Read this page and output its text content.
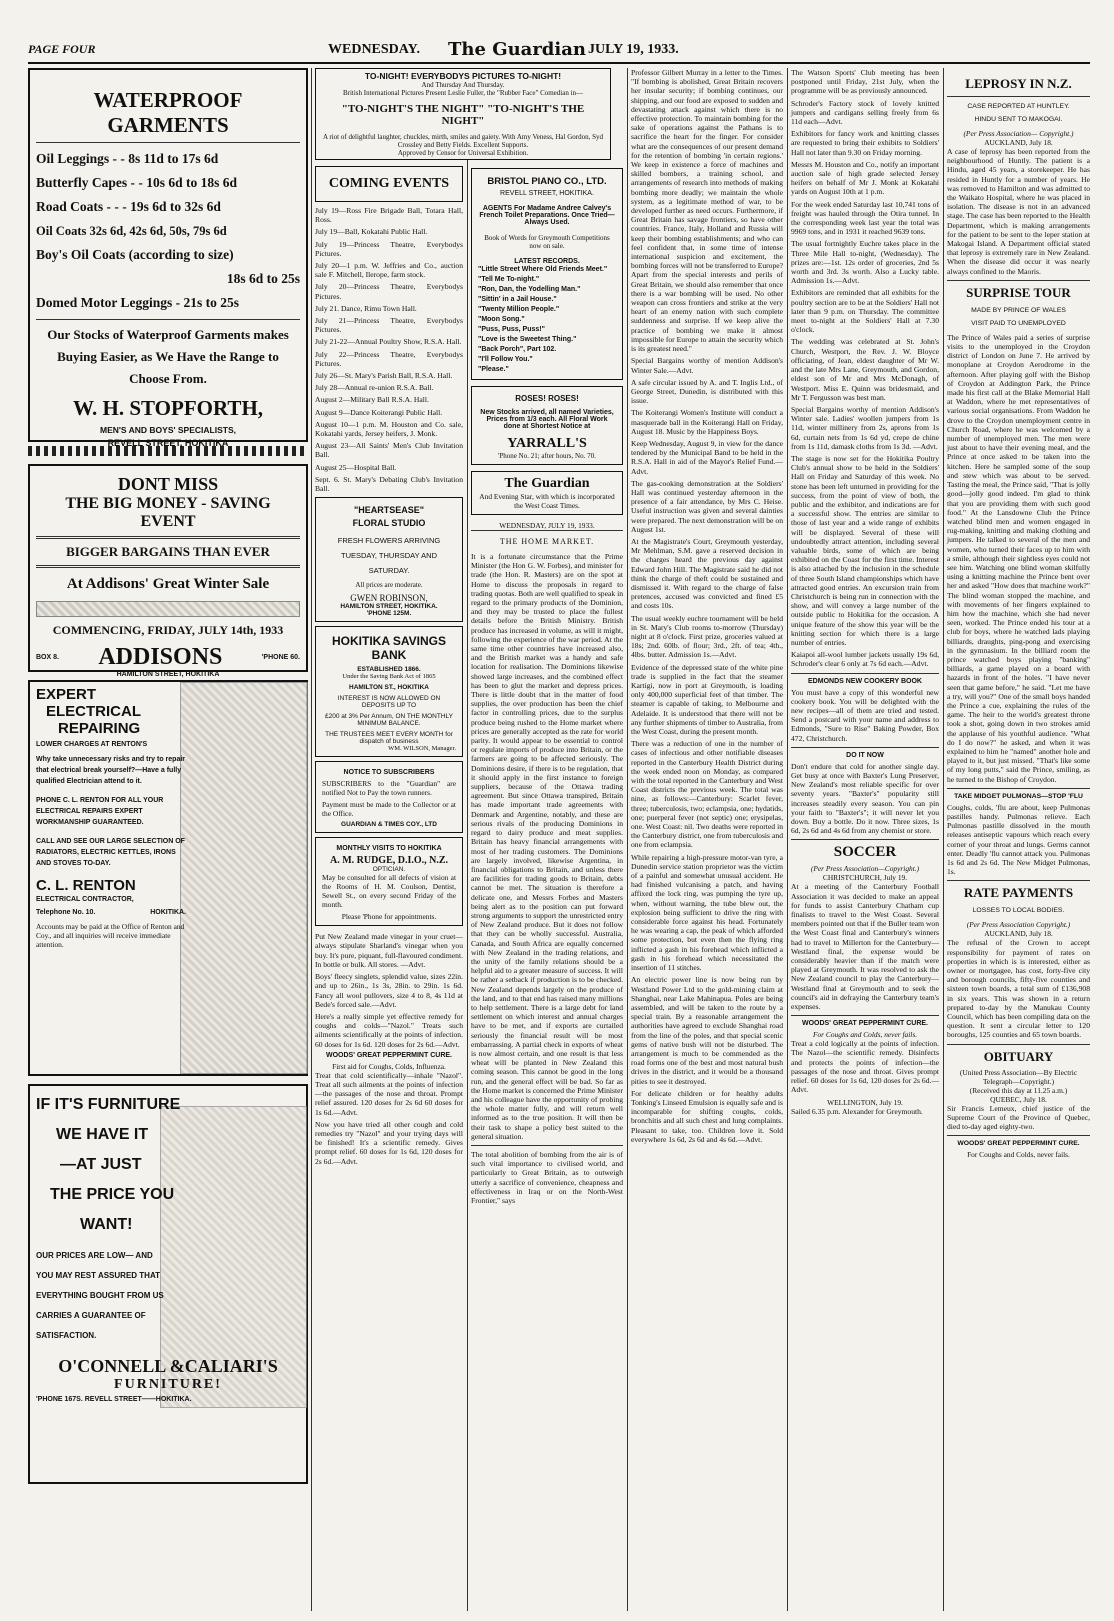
PAGE FOUR	WEDNESDAY. The Guardian JULY 19, 1933.
WATERPROOF GARMENTS
Oil Leggings - - 8s 11d to 17s 6d
Butterfly Capes - - 10s 6d to 18s 6d
Road Coats - - - 19s 6d to 32s 6d
Oil Coats 32s 6d, 42s 6d, 50s, 79s 6d
Boy's Oil Coats (according to size)
18s 6d to 25s
Domed Motor Leggings - 21s to 25s
Our Stocks of Waterproof Garments makes Buying Easier, as We Have the Range to Choose From.
W. H. STOPFORTH,
MEN'S AND BOYS' SPECIALISTS,
REVELL STREET, HOKITIKA
DONT MISS
THE BIG MONEY - SAVING EVENT
BIGGER BARGAINS THAN EVER
At Addisons' Great Winter Sale
COMMENCING, FRIDAY, JULY 14th, 1933
BOX 8. ADDISONS	'PHONE 60.
HAMILTON STREET, HOKITIKA
EXPERT
ELECTRICAL
REPAIRING
LOWER CHARGES AT RENTON'S
Why take unnecessary risks and try to repair that electrical break yourself?—Have a fully qualified Electrician attend to it.
PHONE C. L. RENTON FOR ALL YOUR ELECTRICAL REPAIRS EXPERT WORKMANSHIP GUARANTEED.
CALL AND SEE OUR LARGE SELECTION OF RADIATORS, ELECTRIC KETTLES, IRONS AND STOVES TO-DAY.
C. L. RENTON
ELECTRICAL CONTRACTOR,
Telephone No. 10.	HOKITIKA.
Accounts may be paid at the Office of Renton and Coy., and all inquiries will receive immediate attention.
IF IT'S FURNITURE
WE HAVE IT
—AT JUST
THE PRICE YOU
WANT!
OUR PRICES ARE LOW— AND YOU MAY REST ASSURED THAT EVERYTHING BOUGHT FROM US CARRIES A GUARANTEE OF SATISFACTION.
O'CONNELL &CALIARI'S
FURNITURE!
'PHONE 167S. REVELL STREET——HOKITIKA.
TO-NIGHT! EVERYBODYS PICTURES TO-NIGHT!
And Thursday And Thursday.
British International Pictures Present Leslie Fuller, the "Rubber Face" Comedian in—
"TO-NIGHT'S THE NIGHT" "TO-NIGHT'S THE NIGHT"
A riot of delightful laughter, chuckles, mirth, smiles and gaiety. With Amy Veness, Hal Gordon, Syd Crossley and Betty Fields. Excellent Supports.
Approved by Censor for Universal Exhibition.
COMING EVENTS
July 19—Ross Fire Brigade Ball, Totara Hall, Ross.
July 19—Ball, Kokatahi Public Hall.
July 19—Princess Theatre, Everybodys Pictures.
July 20—1 p.m. W. Jeffries and Co., auction sale F. Mitchell, Ilerope, farm stock.
July 20—Princess Theatre, Everybodys Pictures.
July 21. Dance, Rimu Town Hall.
July 21—Princess Theatre, Everybodys Pictures.
July 21-22—Annual Poultry Show, R.S.A. Hall.
July 22—Princess Theatre, Everybodys Pictures.
July 26—St. Mary's Parish Ball, R.S.A. Hall.
July 28—Annual re-union R.S.A. Ball.
August 2—Military Ball R.S.A. Hall.
August 9—Dance Koiterangi Public Hall.
August 10—1 p.m. M. Houston and Co. sale, Kokatahi yards, Jersey heifers, J. Monk.
August 23—All Saints' Men's Club Invitation Ball.
August 25—Hospital Ball.
Sept. 6. St. Mary's Debating Club's Invitation Ball.
"HEARTSEASE"
FLORAL STUDIO
FRESH FLOWERS ARRIVING
TUESDAY, THURSDAY AND
SATURDAY.
All prices are moderate.
GWEN ROBINSON,
HAMILTON STREET, HOKITIKA.
'PHONE 125M.
HOKITIKA SAVINGS BANK
ESTABLISHED 1866.
Under the Saving Bank Act of 1865
HAMILTON ST., HOKITIKA
INTEREST IS NOW ALLOWED ON DEPOSITS UP TO
£200 at 3% Per Annum, ON THE MONTHLY MINIMUM BALANCE.
THE TRUSTEES MEET EVERY MONTH for dispatch of business
WM. WILSON, Manager.
NOTICE TO SUBSCRIBERS
SUBSCRIBERS to the "Guardian" are notified Not to Pay the town runners.
Payment must be made to the Collector or at the Office.
GUARDIAN & TIMES COY., LTD
MONTHLY VISITS TO HOKITIKA
A. M. RUDGE, D.I.O., N.Z.
OPTICIAN.
May be consulted for all defects of vision at the Rooms of H. M. Coulson, Dentist, Sewell St., on every second Friday of the month.
Please 'Phone for appointments.
Put New Zealand made vinegar in your cruet—always stipulate Sharland's vinegar when you buy. It's pure, piquant, full-flavoured condiment. In bottle or bulk. All stores. —Advt.
Boys' fleecy singlets, splendid value, sizes 22in. and up to 26in., 1s 3s, 28in. to 29in. 1s 6d. Fancy all wool pullovers, size 4 to 8, 4s 11d at Bede's forced sale.—Advt.
Here's a really simple yet effective remedy for coughs and colds—"Nazol." Treats such ailments scientifically at the points of infection. 60 doses for 1s 6d. 120 doses for 2s 6d.—Advt.
WOODS' GREAT PEPPERMINT CURE.
First aid for Coughs, Colds, Influenza.
Treat that cold scientifically—inhale "Nazol". Treat all such ailments at the points of infection—the passages of the nose and throat. Prompt relief assured. 120 doses for 2s 6d 60 doses for 1s 6d.—Advt.
Now you have tried all other cough and cold remedies try "Nazol" and your trying days will be finished! It's a scientific remedy. Gives prompt relief. 60 doses for 1s 6d, 120 doses for 2s 6d.—Advt.
BRISTOL PIANO CO., LTD.
REVELL STREET, HOKITIKA.
AGENTS For Madame Andree Calvey's French Toilet Preparations. Once Tried—Always Used.
Book of Words for Greymouth Competitions now on sale.
LATEST RECORDS.
"Little Street Where Old Friends Meet."
"Tell Me To-night."
"Ron, Dan, the Yodelling Man."
"Sittin' in a Jail House."
"Twenty Million People."
"Moon Song."
"Puss, Puss, Puss!"
"Love is the Sweetest Thing."
"Back Porch", Part 102.
"I'll Follow You."
"Please."
ROSES! ROSES!
New Stocks arrived, all named Varieties, Prices from 1/3 each. All Floral Work done at Shortest Notice at
YARRALL'S
'Phone No. 21; after hours, No. 70.
The Guardian
And Evening Star, with which is incorporated the West Coast Times.
WEDNESDAY, JULY 19, 1933.
THE HOME MARKET.
It is a fortunate circumstance that the Prime Minister (the Hon G. W. Forbes), and minister for trade (the Hon. R. Masters) are on the spot at Home to discuss the proposals in regard to trading quotas. Both are well qualified to speak in regard to the primary products of the Dominion, and they may be trusted to place the fullest details before the British Ministry. British produce has increased in volume, as will it might, following the experience of the war period. At the same time other countries have increased also, and the British market was a handy and safe location for realisation. The Dominions likewise showed large increases, and the combined effect has been to glut the market and depress prices. There is little doubt that in the matter of food supplies, the over production has been the chief factor in controlling prices, due to the surplus produce being rushed to the Home market where prices are generally accepted as the rate for world parity. It would appear to be essential to control or regulate imports of produce into Britain, or the farmers are going to be affected seriously. The Dominions desire, if there is to be regulation, that it should apply in the first instance to foreign suppliers, because of the Ottawa trading agreement. But since Ottawa transpired, Britain has made important trade agreements with Denmark and Argentine, notably, and these are serious rivals of the producing Dominions in regard to dairy produce and meat supplies. Britain has heavy financial arrangements with most of her trading customers. The Dominions are largely involved, likewise Argentina, in financial obligations to Britain, and unless there are facilities for trading goods to Britain, debts cannot be met. The situation is therefore a delicate one, and Messrs Forbes and Masters being alert as to the position can put forward strong arguments to support the unrestricted entry of New Zealand produce. But it does not follow that they can be wholly successful. Australia, Canada, and South Africa are equally concerned with New Zealand in the trading relations, and the unity of the family relations should be a helpful aid to a greater measure of success. It will be rather a setback if production is to be checked. New Zealand depends largely on the produce of the land, and to that end has raised many millions to help settlement. There is a large debt for land settlement on which interest and annual charges have to be met, and if exports are curtailed seriously the financial result will be most embarrassing. A partial check in exports of wheat is now almost certain, and one result is that less wheat will be planted in New Zealand this coming season. This cannot be good in the long run, and the general effect will be bad. So far as the Home market is concerned the Prime Minister and his colleague have the opportunity of probing the whole matter fully, and will return well informed as to the true position. It will then be their task to shape a policy best suited to the general situation.
The total abolition of bombing from the air is of such vital importance to civilised world, and particularly to Great Britain, as to outweigh utterly a sacrifice of convenience, cheapness and effectiveness in Iraq or on the North-West Frontier," says
Professor Gilbert Murray in a letter to the Times. "If bombing is abolished, Great Britain recovers her insular security; if bombing continues, our shipping, and our food are exposed to sudden and devastating attack against which there is no effective protection. To maintain bombing for the sake of operations against the Pathans is to sacrifice the heart for the finger. For consider what are the consequences of our present demand for the retention of bombing 'in certain regions.' We keep in existence a force of machines and skilled bombers, a training school, and arrangements of research into methods of making bombing more deadly; we maintain the whole system, as a legitimate method of war, to be developed further as need occurs. Furthermore, if Great Britain has savage frontiers, so have other countries. France, Italy, Holland and Russia will keep their bombing establishments; and who can feel confident that, in some time of intense international suspicion and excitement, the bombing forces will not be transferred to Europe? Apart from the special interests and perils of Great Britain, we should also remember that once there is a war bombing will be used. No other weapon can cross frontiers and strike at the very heart of an enemy nation with such complete suddenness and surprise. If we keep alive the practice of bombing we make it almost impossible for Europe to attain the security which is its greatest need."
Special Bargains worthy of mention Addison's Winter Sale.—Advt.
A safe circular issued by A. and T. Inglis Ltd., of George Street, Dunedin, is distributed with this issue.
The Koiterangi Women's Institute will conduct a masquerade ball in the Koiterangi Hall on Friday, August 18. Music by the Happiness Boys.
Keep Wednesday, August 9, in view for the dance tendered by the Municipal Band to be held in the R.S.A. Hall in aid of the Mayor's Relief Fund.—Advt.
The gas-cooking demonstration at the Soldiers' Hall was continued yesterday afternoon in the presence of a fair attendance, by Mrs C. Heise. Useful instruction was given and several dainties were prepared. The next demonstration will be on August 1st.
At the Magistrate's Court, Greymouth yesterday, Mr Mehlman, S.M. gave a reserved decision in the charges heard the previous day against Edward John Hill. The Magistrate said he did not think the charge of theft could be sustained and dismissed it. With regard to the charge of false pretences, accused was convicted and fined £5 and costs 10s.
The usual weekly euchre tournament will be held in St. Mary's Club rooms to-morrow (Thursday) night at 8 o'clock. First prize, groceries valued at 18s; 2nd. 60lb. of flour; 3rd., 2ft. of tea; 4th., 4lbs. butter. Admission 1s.—Advt.
Evidence of the depressed state of the white pine trade is supplied in the fact that the steamer Kartigi, now in port at Greymouth, is loading only 400,000 superficial feet of that timber. The steamer is capable of taking, to Melbourne and Adelaide. It is understood that there will not be any further shipments of timber to Australia, from the West Coast, during the present month.
There was a reduction of one in the number of cases of infectious and other notifiable diseases reported in the Canterbury Health District during the week ended noon on Monday, as compared with the total reported in the Canterbury and West Coast districts the previous week. The total was nine, as follows:—Canterbury: Scarlet fever, three; tuberculosis, two; eclampsia, one; hydatids, one; puerperal fever (not septic) one; erysipelas, one. West Coast: nil. Two deaths were reported in the Canterbury district, one from tuberculosis and one from eclampsia.
While repairing a high-pressure motor-van tyre, a Dunedin service station proprietor was the victim of a painful and somewhat unusual accident. He had finished vulcanising a patch, and having affixed the lock ring, was pumping the tyre up, when, without warning, the tube blew out, the explosion being sufficient to drive the ring with considerable force against his head. Fortunately he was wearing a cap, the peak of which afforded some protection, but even then the flying ring inflicted a gash in his forehead which inflicted a gash in his forehead which necessitated the insertion of 11 stitches.
An electric power line is now being run by Westland Power Ltd to the gold-mining claim at Shanghai, near Lake Mahinapua. Poles are being assembled, and will be taken to the route by a special train. By a reasonable arrangement the authorities have agreed to exclude Shanghai road from the line of the poles, and that special scenic gems of native bush will not be disturbed. The arrangement is much to be commended as the road forms one of the best and most natural bush drives in the district, and it would be a thousand pities to see it destroyed.
For delicate children or for healthy adults Tonking's Linseed Emulsion is equally safe and is incomparable for shifting coughs, colds, bronchitis and all such chest and lung complaints. Pleasant to take, too. Children love it. Sold everywhere 1s 6d, 2s 6d and 4s 6d.—Advt.
The Watson Sports' Club meeting has been postponed until Friday, 21st July, when the programme will be as previously announced.
Schroder's Factory stock of lovely knitted jumpers and cardigans selling freely from 6s 11d each—Advt.
Exhibitors for fancy work and knitting classes are requested to bring their exhibits to Soldiers' Hall not later than 9.30 on Friday morning.
Messrs M. Houston and Co., notify an important auction sale of high grade selected Jersey heifers on behalf of Mr J. Monk at Kokatahi yards on August 10th at 1 p.m.
For the week ended Saturday last 10,741 tons of freight was hauled through the Otira tunnel. In the corresponding week last year the total was 9969 tons, and in 1931 it reached 9639 tons.
The usual fortnightly Euchre takes place in the Three Mile Hall to-night, (Wednesday). The prizes are:—1st. 12s order of groceries, 2nd 5s worth and 3rd. 3s worth. Also a Lucky table. Admission 1s.—Advt.
Exhibitors are reminded that all exhibits for the poultry section are to be at the Soldiers' Hall not later than 9 p.m. on Thursday. The committee meet to-night at the Soldiers' Hall at 7.30 o'clock.
The wedding was celebrated at St. John's Church, Westport, the Rev. J. W. Bloyce officiating, of Jean, eldest daughter of Mr W. and the late Mrs Lane, Greymouth, and Gordon, eldest son of Mr and Mrs McDonagh, of Westport. Miss E. Quinn was bridesmaid, and Mr T. Fergusson was best man.
Special Bargains worthy of mention Addison's Winter sale. Ladies' woollen jumpers from 1s 11d, winter millinery from 2s, aprons from 1s 6d, curtain nets from 1s 6d yd, crepe de chine from 1s 11d, damask cloths from 1s 3d. —Advt.
The stage is now set for the Hokitika Poultry Club's annual show to be held in the Soldiers' Hall on Friday and Saturday of this week. No stone has been left unturned in providing for the success, from the point of view of both, the public and the exhibitor, and indications are for a successful show. The entries are similar to those of last year and a wide range of exhibits will be displayed. Several of these will undoubtedly attract attention, including several valuable birds, some of which are being exhibited on the Coast for the first time. Interest is also attached by the inclusion in the schedule of three South Island championships which have attracted good entries. An excursion train from Christchurch is being run in connection with the show, and will convey a large number of the outside public to Hokitika for the occasion. A unique feature of the show this year will be the knitting section for which there is a large number of entries.
Kaiapoi all-wool lumber jackets usually 19s 6d, Schroder's clear 6 only at 7s 6d each.—Advt.
EDMONDS NEW COOKERY BOOK
You must have a copy of this wonderful new cookery book. You will be delighted with the new recipes—all of them are tried and tested. Send a postcard with your name and address to Edmonds, "Sure to Rise" Baking Powder, Box 472, Christchurch.
DO IT NOW
Don't endure that cold for another single day. Get busy at once with Baxter's Lung Preserver, New Zealand's most reliable specific for over seventy years. "Baxter's" popularity still increases steadily every season. You can pin your faith to "Baxter's"; it will never let you down. Buy a bottle. Do it now. Three sizes, 1s 6d, 2s 6d and 4s 6d from any chemist or store.
SOCCER
(Per Press Association—Copyright.)
CHRISTCHURCH, July 19.
At a meeting of the Canterbury Football Association it was decided to make an appeal for funds to assist Canterbury Chatham cup finalists to travel to the West Coast. Several members pointed out that if the Buller team won the West Coast final and Canterbury's winners had to travel to Millerton for the Canterbury—Westland final, the expense would be considerably heavier than if the match were played at Greymouth. It was resolved to ask the New Zealand council to play the Canterbury—Westland final at Greymouth and to seek the council's aid in defraying the Canterbury team's expenses.
WOODS' GREAT PEPPERMINT CURE.
For Coughs and Colds, never fails.
Treat a cold logically at the points of infection. The Nazol—the scientific remedy. Disinfects and protects the points of infection—the passages of the nose and throat. Gives prompt relief. 60 doses for 1s 6d, 120 doses for 2s 6d.—Advt.
WELLINGTON, July 19.
Sailed 6.35 p.m. Alexander for Greymouth.
LEPROSY IN N.Z.
CASE REPORTED AT HUNTLEY.
HINDU SENT TO MAKOGAI.
(Per Press Association— Copyright.)
AUCKLAND, July 18.
A case of leprosy has been reported from the neighbourhood of Huntly. The patient is a Hindu, aged 45 years, a storekeeper. He has resided in Huntly for a number of years. He was removed to Hamilton and was admitted to the Waikato Hospital, where he was placed in isolation. The disease is not in an advanced stage. The case has been reported to the Health Department, which is making arrangements for the patient to be sent to the leper station at Makogai Island. A Department official stated that leprosy is extremely rare in New Zealand. When the disease did occur it was nearly always confined to the Maoris.
SURPRISE TOUR
MADE BY PRINCE OF WALES
VISIT PAID TO UNEMPLOYED
The Prince of Wales paid a series of surprise visits to the unemployed in the Croydon district of London on June 7. He arrived by monoplane at Croydon Aerodrome in the afternoon. After playing golf with the Bishop of Croydon at Addington Park, the Prince made his first call at the Blake Memorial Hall at Waddon, where he met representatives of various social organisations. From Waddon he drove to the Croydon unemployment centre in Church Road, where he was welcomed by a number of unemployed men. The men were just about to have their evening meal, and the Prince at once asked to be taken into the kitchen. Here he sampled some of the soup and stew which was about to be served. Tasting the meal, the Prince said, "That is jolly good—jolly good indeed. I'm glad to think that you are providing them with such good food." At the Lansdowne Club the Prince watched blind men and women engaged in rug-making, knitting and making clothing and jumpers. He talked to several of the men and women, who turned their faces up to him with a smile, although their sightless eyes could not see him. Watching one blind woman skilfully using a knitting machine the Prince bent over her and asked "How does that machine work?" The blind woman stopped the machine, and with movements of her fingers explained to him how the machine, which she had never seen, worked. The Prince ended his tour at a club for boys, where he watched lads playing billiards, draughts, ping-pong and exercising in the gymnasium. In the billiard room the prince watched boys playing "banking" billiards, a game played on a board with hazards in front of the holes. "I have never seen that game before," he said. "Let me have a try, will you?" One of the small boys handed the Prince a cue, explaining the rules of the game. The heir to the world's greatest throne took a shot, going down in two strokes amid the applause of his youthful audience. "What do I do now?" he asked, and when it was explained to him he "named" another hole and played to it, but just missed. "That's like some of my long putts," said the Prince, smiling, as he turned to the Bishop of Croydon.
TAKE MIDGET PULMONAS—STOP 'FLU
Coughs, colds, 'flu are about, keep Pulmonas pastilles handy. Pulmonas relieve. Each Pulmonas pastille dissolved in the mouth releases antiseptic vapours which reach every corner of your throat and lungs. Germs cannot enter. Deadly 'flu cannot attack you. Pulmonas 1s 6d and 2s 6d. The New Midget Pulmonas, 1s.
RATE PAYMENTS
LOSSES TO LOCAL BODIES.
(Per Press Association Copyright.)
AUCKLAND, July 18.
The refusal of the Crown to accept responsibility for payment of rates on properties in which is is interested, either as owner or mortgagee, has cost, forty-five city and borough councils, fifty-five counties and sixteen town boards, a total sum of £136,908 in six years. This was shown in a return prepared to-day by the Manukau County Council, which has been compiling data on the question. It sent a circular letter to 120 boroughs, 125 counties and 65 town boards.
OBITUARY
(United Press Association—By Electric Telegraph—Copyright.)
(Received this day at 11.25 a.m.)
QUEBEC, July 18.
Sir Francis Lemeux, chief justice of the Supreme Court of the Province of Quebec, died to-day aged eighty-two.
WOODS' GREAT PEPPERMINT CURE.
For Coughs and Colds, never fails.
